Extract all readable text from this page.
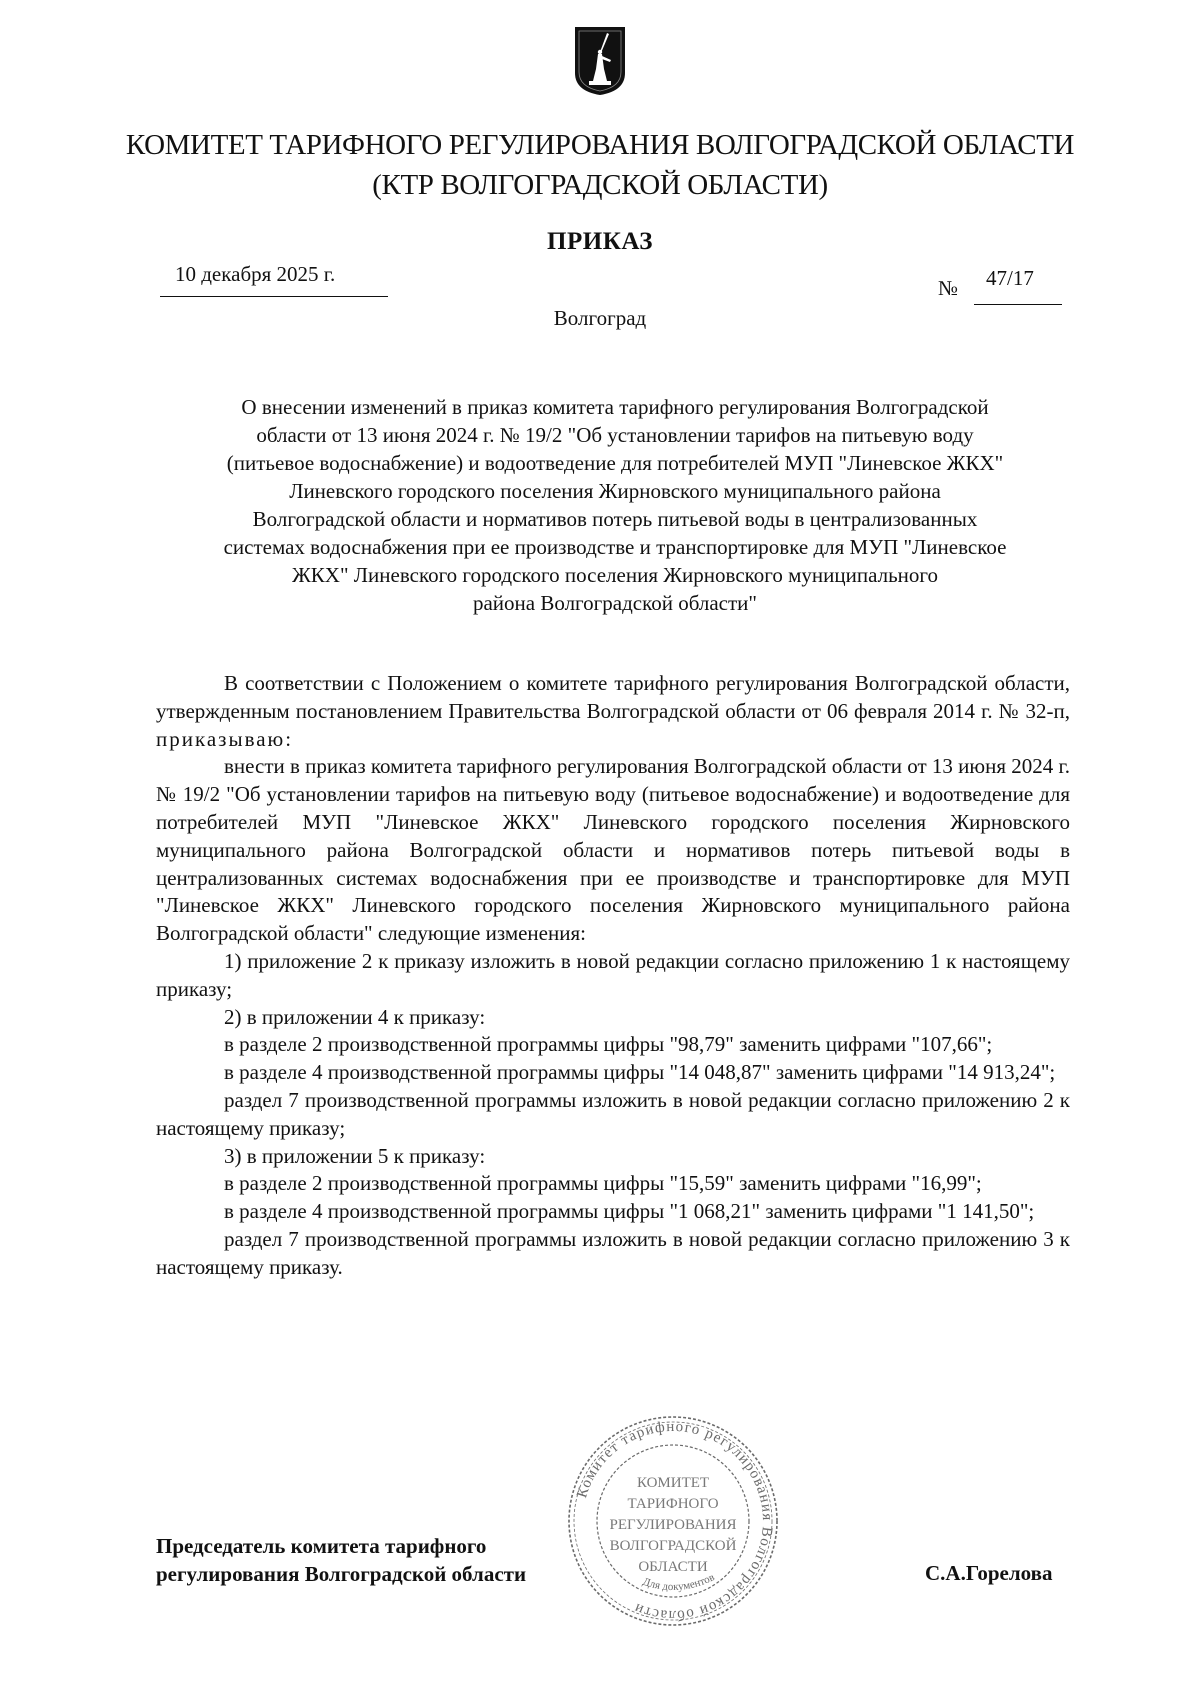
КОМИТЕТ ТАРИФНОГО РЕГУЛИРОВАНИЯ ВОЛГОГРАДСКОЙ ОБЛАСТИ
(КТР ВОЛГОГРАДСКОЙ ОБЛАСТИ)
ПРИКАЗ
10 декабря 2025 г.
№ 47/17
Волгоград
О внесении изменений в приказ комитета тарифного регулирования Волгоградской
области от 13 июня 2024 г. № 19/2 "Об установлении тарифов на питьевую воду
(питьевое водоснабжение) и водоотведение для потребителей МУП "Линевское ЖКХ"
Линевского городского поселения Жирновского муниципального района
Волгоградской области и нормативов потерь питьевой воды в централизованных
системах водоснабжения при ее производстве и транспортировке для МУП "Линевское
ЖКХ" Линевского городского поселения Жирновского муниципального
района Волгоградской области"

В соответствии с Положением о комитете тарифного регулирования Волгоградской области, утвержденным постановлением Правительства Волгоградской области от 06 февраля 2014 г. № 32-п, приказываю:

внести в приказ комитета тарифного регулирования Волгоградской области от 13 июня 2024 г. № 19/2 "Об установлении тарифов на питьевую воду (питьевое водоснабжение) и водоотведение для потребителей МУП "Линевское ЖКХ" Линевского городского поселения Жирновского муниципального района Волгоградской области и нормативов потерь питьевой воды в централизованных системах водоснабжения при ее производстве и транспортировке для МУП "Линевское ЖКХ" Линевского городского поселения Жирновского муниципального района Волгоградской области" следующие изменения:

1) приложение 2 к приказу изложить в новой редакции согласно приложению 1 к настоящему приказу;

2) в приложении 4 к приказу:

в разделе 2 производственной программы цифры "98,79" заменить цифрами "107,66";

в разделе 4 производственной программы цифры "14 048,87" заменить цифрами "14 913,24";

раздел 7 производственной программы изложить в новой редакции согласно приложению 2 к настоящему приказу;

3) в приложении 5 к приказу:

в разделе 2 производственной программы цифры "15,59" заменить цифрами "16,99";

в разделе 4 производственной программы цифры "1 068,21" заменить цифрами "1 141,50";

раздел 7 производственной программы изложить в новой редакции согласно приложению 3 к настоящему приказу.

Комитет тарифного регулирования Волгоградской области
КОМИТЕТ
ТАРИФНОГО
РЕГУЛИРОВАНИЯ
ВОЛГОГРАДСКОЙ
ОБЛАСТИ
Для документов
Председатель комитета тарифного
регулирования Волгоградской области	С.А.Горелова
